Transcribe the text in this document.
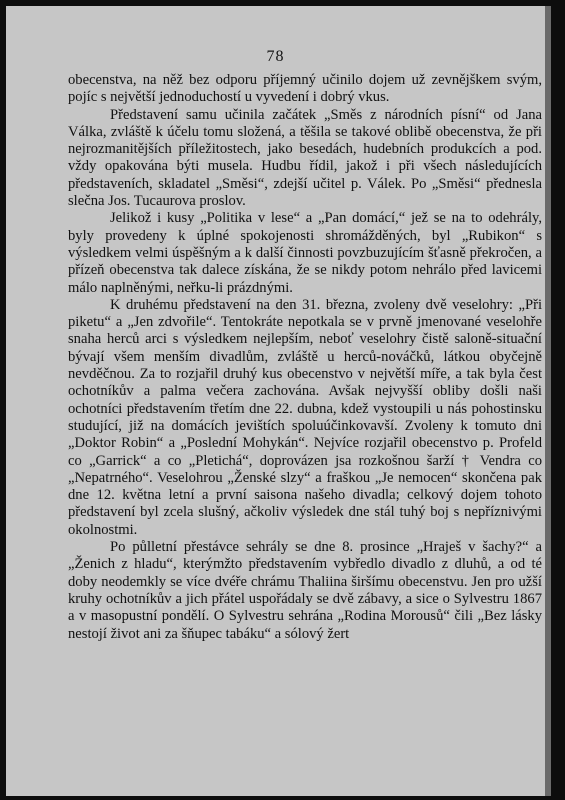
78

obecenstva, na něž bez odporu příjemný učinilo dojem už zevnějškem svým, pojíc s největší jednoduchostí u vyvedení i dobrý vkus.

Představení samu učinila začátek „Směs z národních písní“ od Jana Válka, zvláště k účelu tomu složená, a těšila se takové oblibě obecenstva, že při nejrozmanitějších příležitostech, jako besedách, hudebních produkcích a pod. vždy opakována býti musela. Hudbu řídil, jakož i při všech následujících představeních, skladatel „Směsi“, zdejší učitel p. Válek. Po „Směsi“ přednesla slečna Jos. Tucaurova proslov.

Jelikož i kusy „Politika v lese“ a „Pan domácí,“ jež se na to odehrály, byly provedeny k úplné spokojenosti shromážděných, byl „Rubikon“ s výsledkem velmi úspěšným a k další činnosti povzbuzujícím šťasně překročen, a přízeň obecenstva tak dalece získána, že se nikdy potom nehrálo před lavicemi málo naplněnými, neřku-li prázdnými.

K druhému představení na den 31. března, zvoleny dvě veselohry: „Při piketu“ a „Jen zdvořile“. Tentokráte nepotkala se v prvně jmenované veselohře snaha herců arci s výsledkem nejlepším, neboť veselohry čistě saloně-situační bývají všem menším divadlům, zvláště u herců-nováčků, látkou obyčejně nevděčnou. Za to rozjařil druhý kus obecenstvo v největší míře, a tak byla čest ochotníkův a palma večera zachována. Avšak nejvyšší obliby došli naši ochotníci představením třetím dne 22. dubna, kdež vystoupili u nás pohostinsku studující, již na domácích jevištích spoluúčinkovavší. Zvoleny k tomuto dni „Doktor Robin“ a „Poslední Mohykán“. Nejvíce rozjařil obecenstvo p. Profeld co „Garrick“ a co „Pletichá“, doprovázen jsa rozkošnou šarží † Vendra co „Nepatrného“. Veselohrou „Ženské slzy“ a fraškou „Je nemocen“ skončena pak dne 12. května letní a první saisona našeho divadla; celkový dojem tohoto představení byl zcela slušný, ačkoliv výsledek dne stál tuhý boj s nepříznivými okolnostmi.

Po půlletní přestávce sehrály se dne 8. prosince „Hraješ v šachy?“ a „Ženich z hladu“, kterýmžto představením vybředlo divadlo z dluhů, a od té doby neodemkly se více dvéře chrámu Thaliina širšímu obecenstvu. Jen pro užší kruhy ochotníkův a jich přátel uspořádaly se dvě zábavy, a sice o Sylvestru 1867 a v masopustní pondělí. O Sylvestru sehrána „Rodina Morousů“ čili „Bez lásky nestojí život ani za šňupec tabáku“ a sólový žert
